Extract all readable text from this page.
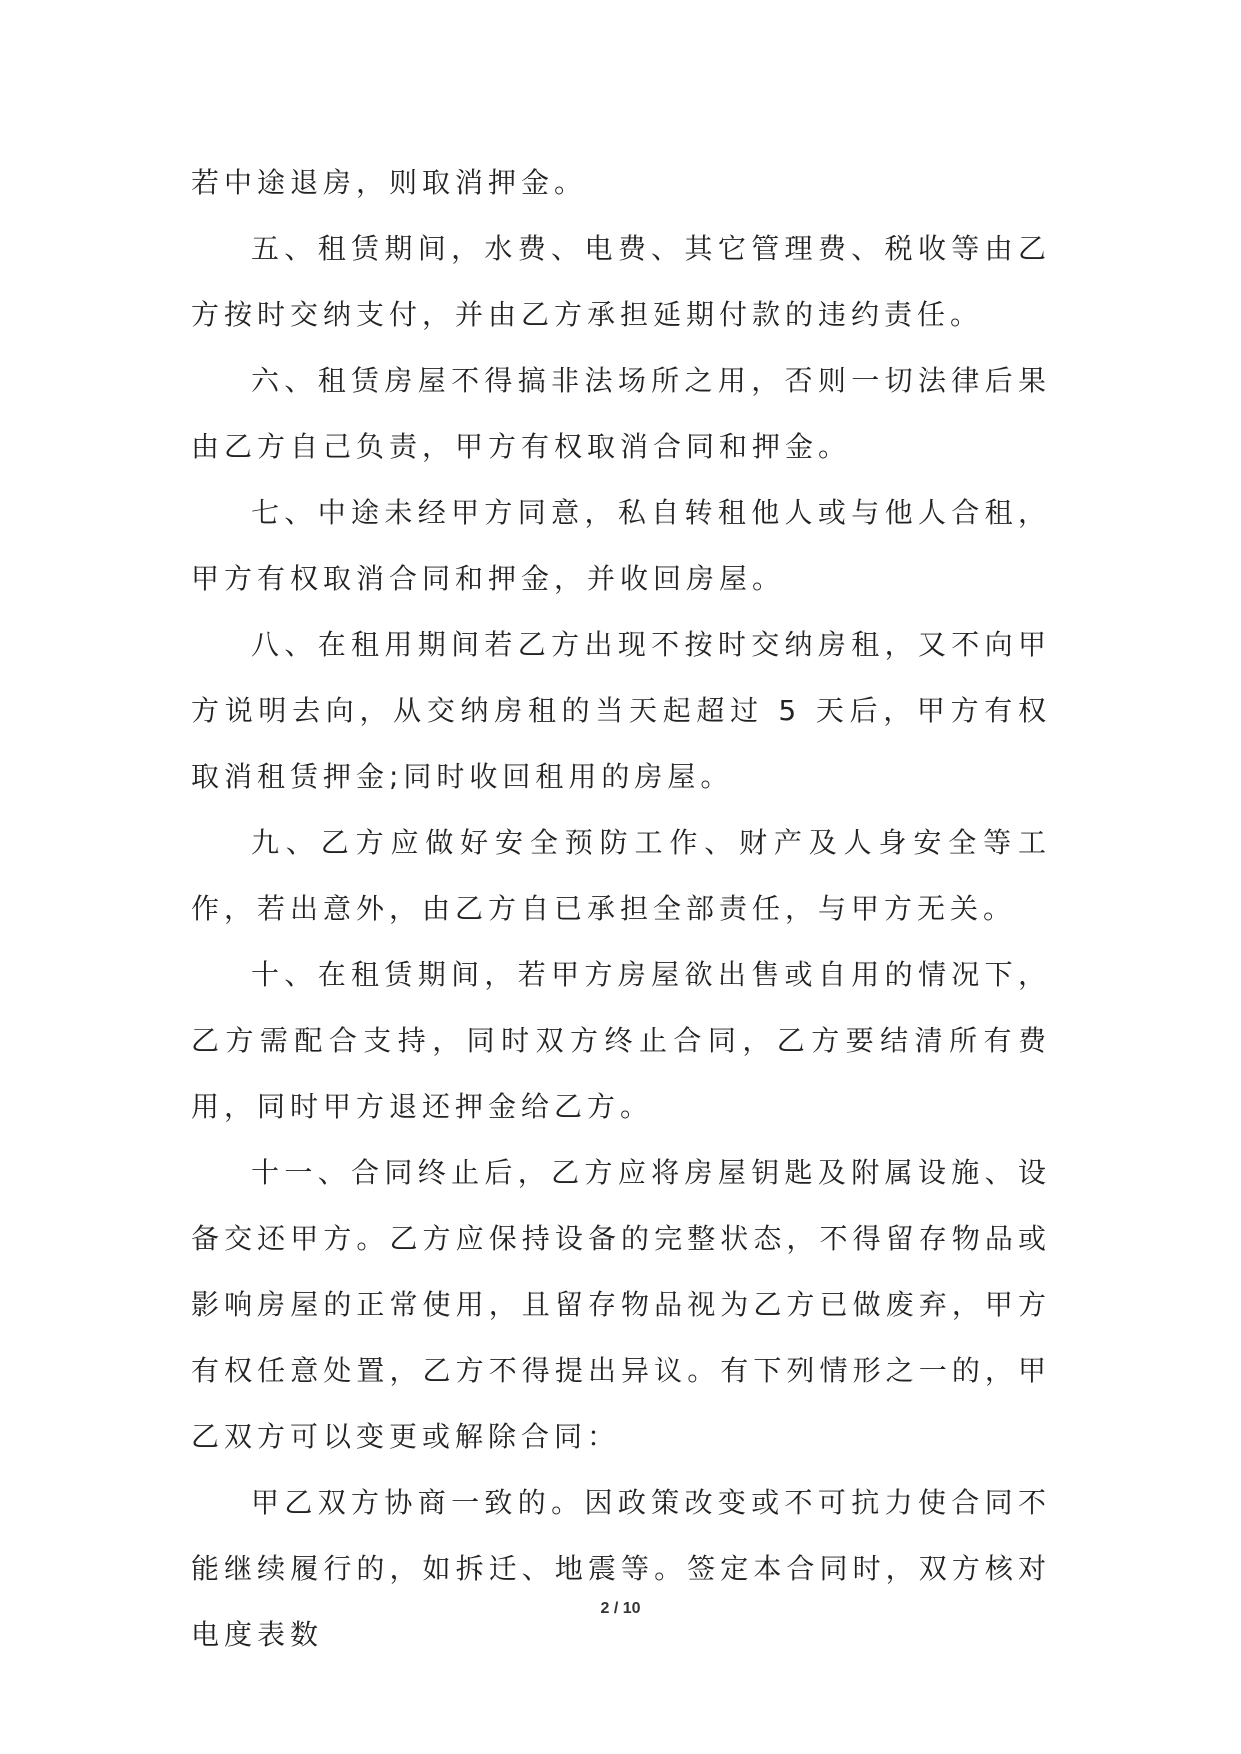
若中途退房，则取消押金。

五、租赁期间，水费、电费、其它管理费、税收等由乙方按时交纳支付，并由乙方承担延期付款的违约责任。

六、租赁房屋不得搞非法场所之用，否则一切法律后果由乙方自己负责，甲方有权取消合同和押金。

七、中途未经甲方同意，私自转租他人或与他人合租，甲方有权取消合同和押金，并收回房屋。

八、在租用期间若乙方出现不按时交纳房租，又不向甲方说明去向，从交纳房租的当天起超过 5 天后，甲方有权取消租赁押金;同时收回租用的房屋。

九、乙方应做好安全预防工作、财产及人身安全等工作，若出意外，由乙方自已承担全部责任，与甲方无关。

十、在租赁期间，若甲方房屋欲出售或自用的情况下，乙方需配合支持，同时双方终止合同，乙方要结清所有费用，同时甲方退还押金给乙方。

十一、合同终止后，乙方应将房屋钥匙及附属设施、设备交还甲方。乙方应保持设备的完整状态，不得留存物品或影响房屋的正常使用，且留存物品视为乙方已做废弃，甲方有权任意处置，乙方不得提出异议。有下列情形之一的，甲乙双方可以变更或解除合同：

甲乙双方协商一致的。因政策改变或不可抗力使合同不能继续履行的，如拆迁、地震等。签定本合同时，双方核对电度表数

2 / 10
